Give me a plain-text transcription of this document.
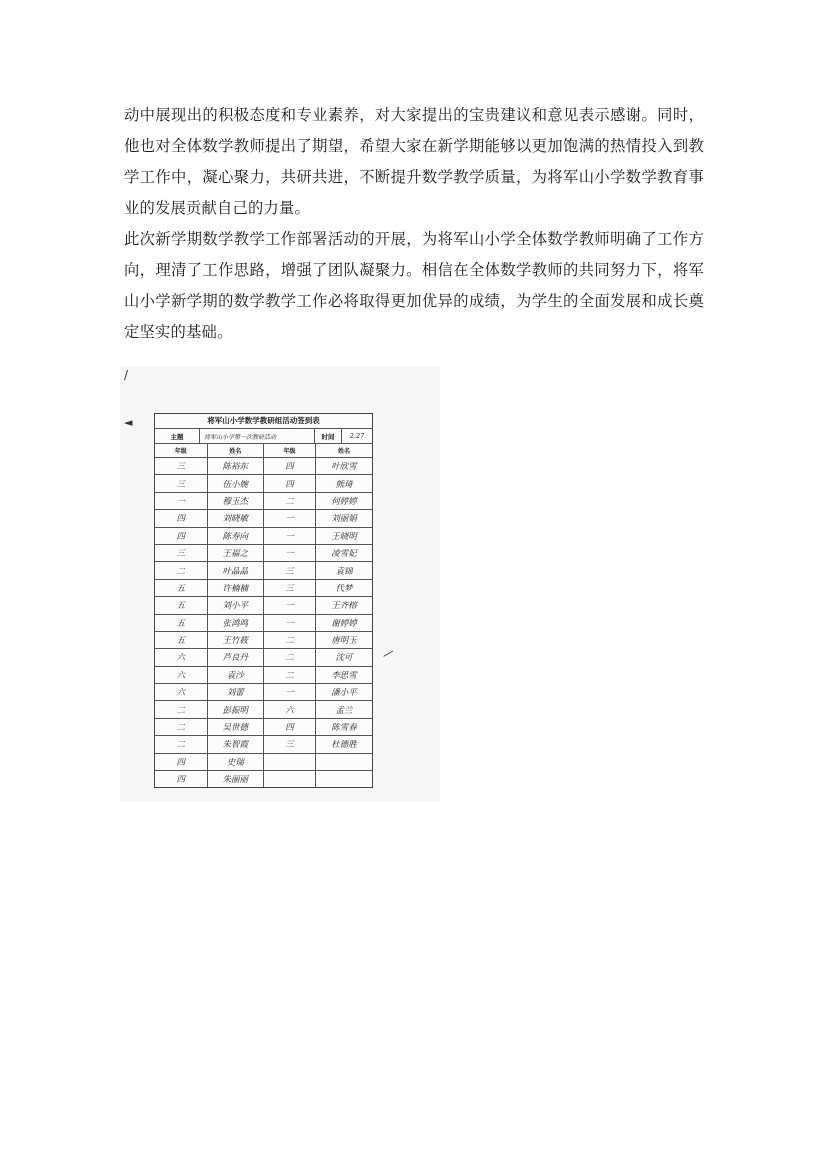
动中展现出的积极态度和专业素养，对大家提出的宝贵建议和意见表示感谢。同时，他也对全体数学教师提出了期望，希望大家在新学期能够以更加饱满的热情投入到教学工作中，凝心聚力，共研共进，不断提升数学教学质量，为将军山小学数学教育事业的发展贡献自己的力量。

此次新学期数学教学工作部署活动的开展，为将军山小学全体数学教师明确了工作方向，理清了工作思路，增强了团队凝聚力。相信在全体数学教师的共同努力下，将军山小学新学期的数学教学工作必将取得更加优异的成绩，为学生的全面发展和成长奠定坚实的基础。

/
◄
—
将军山小学数学教研组活动签到表
主题	将军山小学第一次教研活动	时间	2.27
年级	姓名	年级	姓名
三	陈裕东	四	叶欣雪
三	伍小婉	四	熊琦
一	穆玉杰	二	何婷婷
四	刘晓敏	一	刘丽娟
四	陈寿向	一	王晓明
三	王福之	一	凌雪妃
二	叶晶晶	三	袁锦
五	许楠楠	三	代梦
五	刘小平	一	王齐榕
五	张鸿鸣	一	谢婷婷
五	王竹筱	二	唐明玉
六	芦良丹	二	沈可
六	袁沙	二	李思雪
六	刘蕾	一	潘小平
二	彭振明	六	孟兰
二	吴世德	四	陈雪春
二	朱智霞	三	杜德胜
四	史瑞		
四	朱丽丽		
